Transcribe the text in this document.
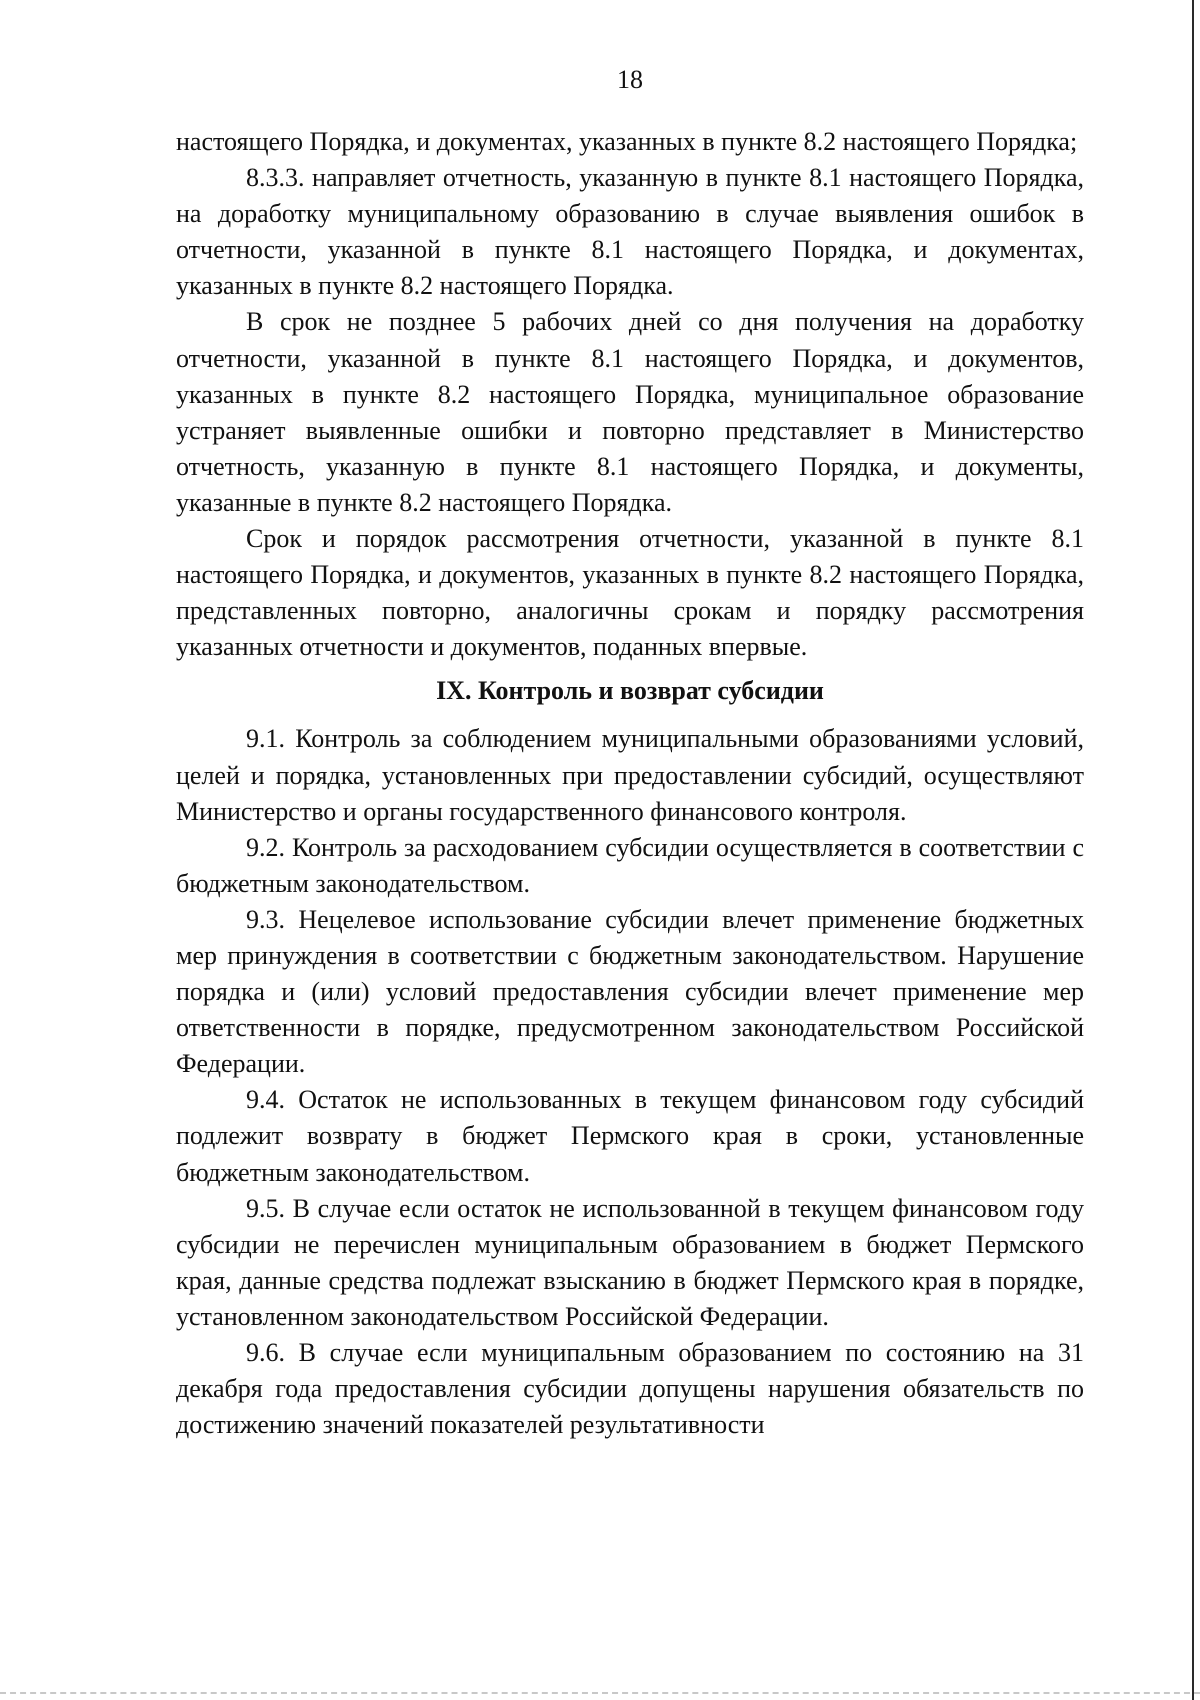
18

настоящего Порядка, и документах, указанных в пункте 8.2 настоящего Порядка;

8.3.3. направляет отчетность, указанную в пункте 8.1 настоящего Порядка, на доработку муниципальному образованию в случае выявления ошибок в отчетности, указанной в пункте 8.1 настоящего Порядка, и документах, указанных в пункте 8.2 настоящего Порядка.

В срок не позднее 5 рабочих дней со дня получения на доработку отчетности, указанной в пункте 8.1 настоящего Порядка, и документов, указанных в пункте 8.2 настоящего Порядка, муниципальное образование устраняет выявленные ошибки и повторно представляет в Министерство отчетность, указанную в пункте 8.1 настоящего Порядка, и документы, указанные в пункте 8.2 настоящего Порядка.

Срок и порядок рассмотрения отчетности, указанной в пункте 8.1 настоящего Порядка, и документов, указанных в пункте 8.2 настоящего Порядка, представленных повторно, аналогичны срокам и порядку рассмотрения указанных отчетности и документов, поданных впервые.

IX. Контроль и возврат субсидии

9.1. Контроль за соблюдением муниципальными образованиями условий, целей и порядка, установленных при предоставлении субсидий, осуществляют Министерство и органы государственного финансового контроля.

9.2. Контроль за расходованием субсидии осуществляется в соответствии с бюджетным законодательством.

9.3. Нецелевое использование субсидии влечет применение бюджетных мер принуждения в соответствии с бюджетным законодательством. Нарушение порядка и (или) условий предоставления субсидии влечет применение мер ответственности в порядке, предусмотренном законодательством Российской Федерации.

9.4. Остаток не использованных в текущем финансовом году субсидий подлежит возврату в бюджет Пермского края в сроки, установленные бюджетным законодательством.

9.5. В случае если остаток не использованной в текущем финансовом году субсидии не перечислен муниципальным образованием в бюджет Пермского края, данные средства подлежат взысканию в бюджет Пермского края в порядке, установленном законодательством Российской Федерации.

9.6. В случае если муниципальным образованием по состоянию на 31 декабря года предоставления субсидии допущены нарушения обязательств по достижению значений показателей результативности
